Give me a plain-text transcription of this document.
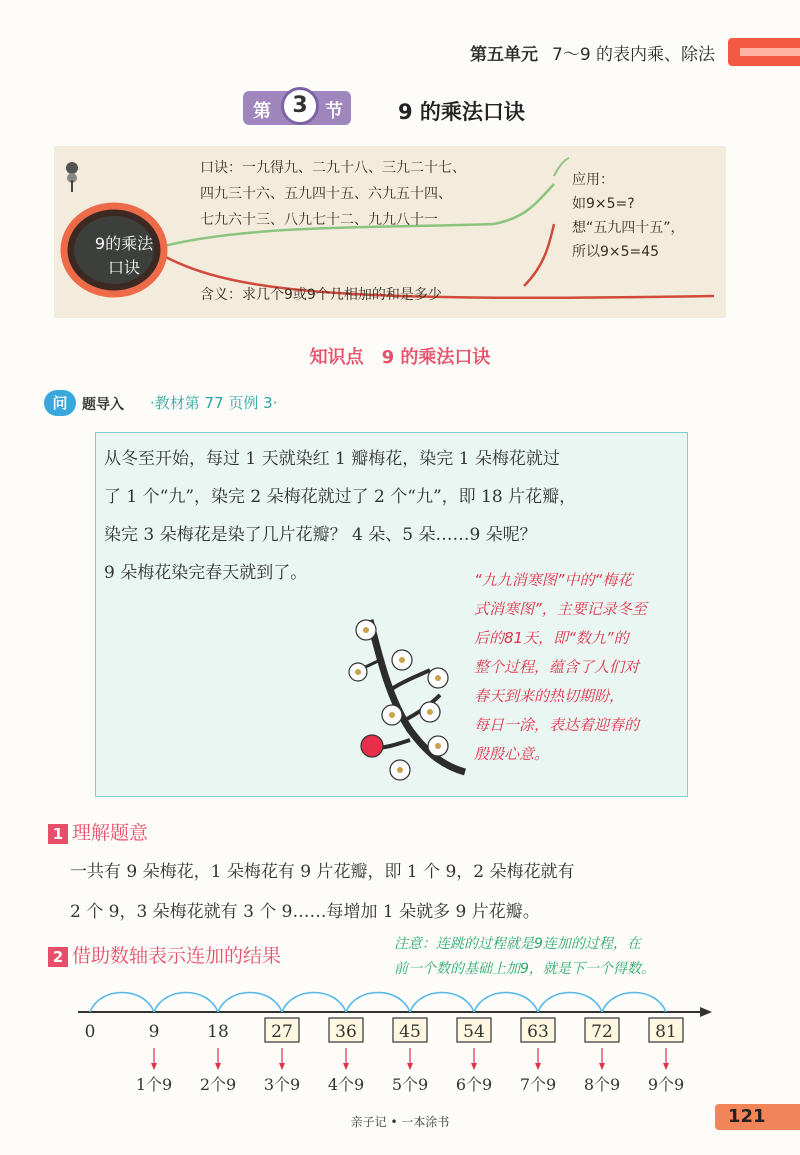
第五单元 7～9 的表内乘、除法
第 3 节	9 的乘法口诀
9的乘法
口诀
口诀：一九得九、二九十八、三九二十七、
四九三十六、五九四十五、六九五十四、
七九六十三、八九七十二、九九八十一
含义：求几个9或9个几相加的和是多少
应用：
如9×5=?
想“五九四十五”，
所以9×5=45
知识点　9 的乘法口诀
问	题导入 ·教材第 77 页例 3·
从冬至开始，每过 1 天就染红 1 瓣梅花，染完 1 朵梅花就过
了 1 个“九”，染完 2 朵梅花就过了 2 个“九”，即 18 片花瓣，
染完 3 朵梅花是染了几片花瓣？ 4 朵、5 朵……9 朵呢？
9 朵梅花染完春天就到了。	“九九消寒图”中的“梅花
式消寒图”，主要记录冬至
后的81天，即“数九”的
整个过程，蕴含了人们对
春天到来的热切期盼，
每日一涂，表达着迎春的
殷殷心意。
1 理解题意
一共有 9 朵梅花，1 朵梅花有 9 片花瓣，即 1 个 9，2 朵梅花就有
2 个 9，3 朵梅花就有 3 个 9……每增加 1 朵就多 9 片花瓣。
2 借助数轴表示连加的结果
注意：连跳的过程就是9连加的过程，在
前一个数的基础上加9，就是下一个得数。
0	9
1个9
18
2个9
27
3个9
36
4个9
45
5个9
54
6个9
63
7个9
72
8个9
81
9个9
亲子记 • 一本涂书	121
